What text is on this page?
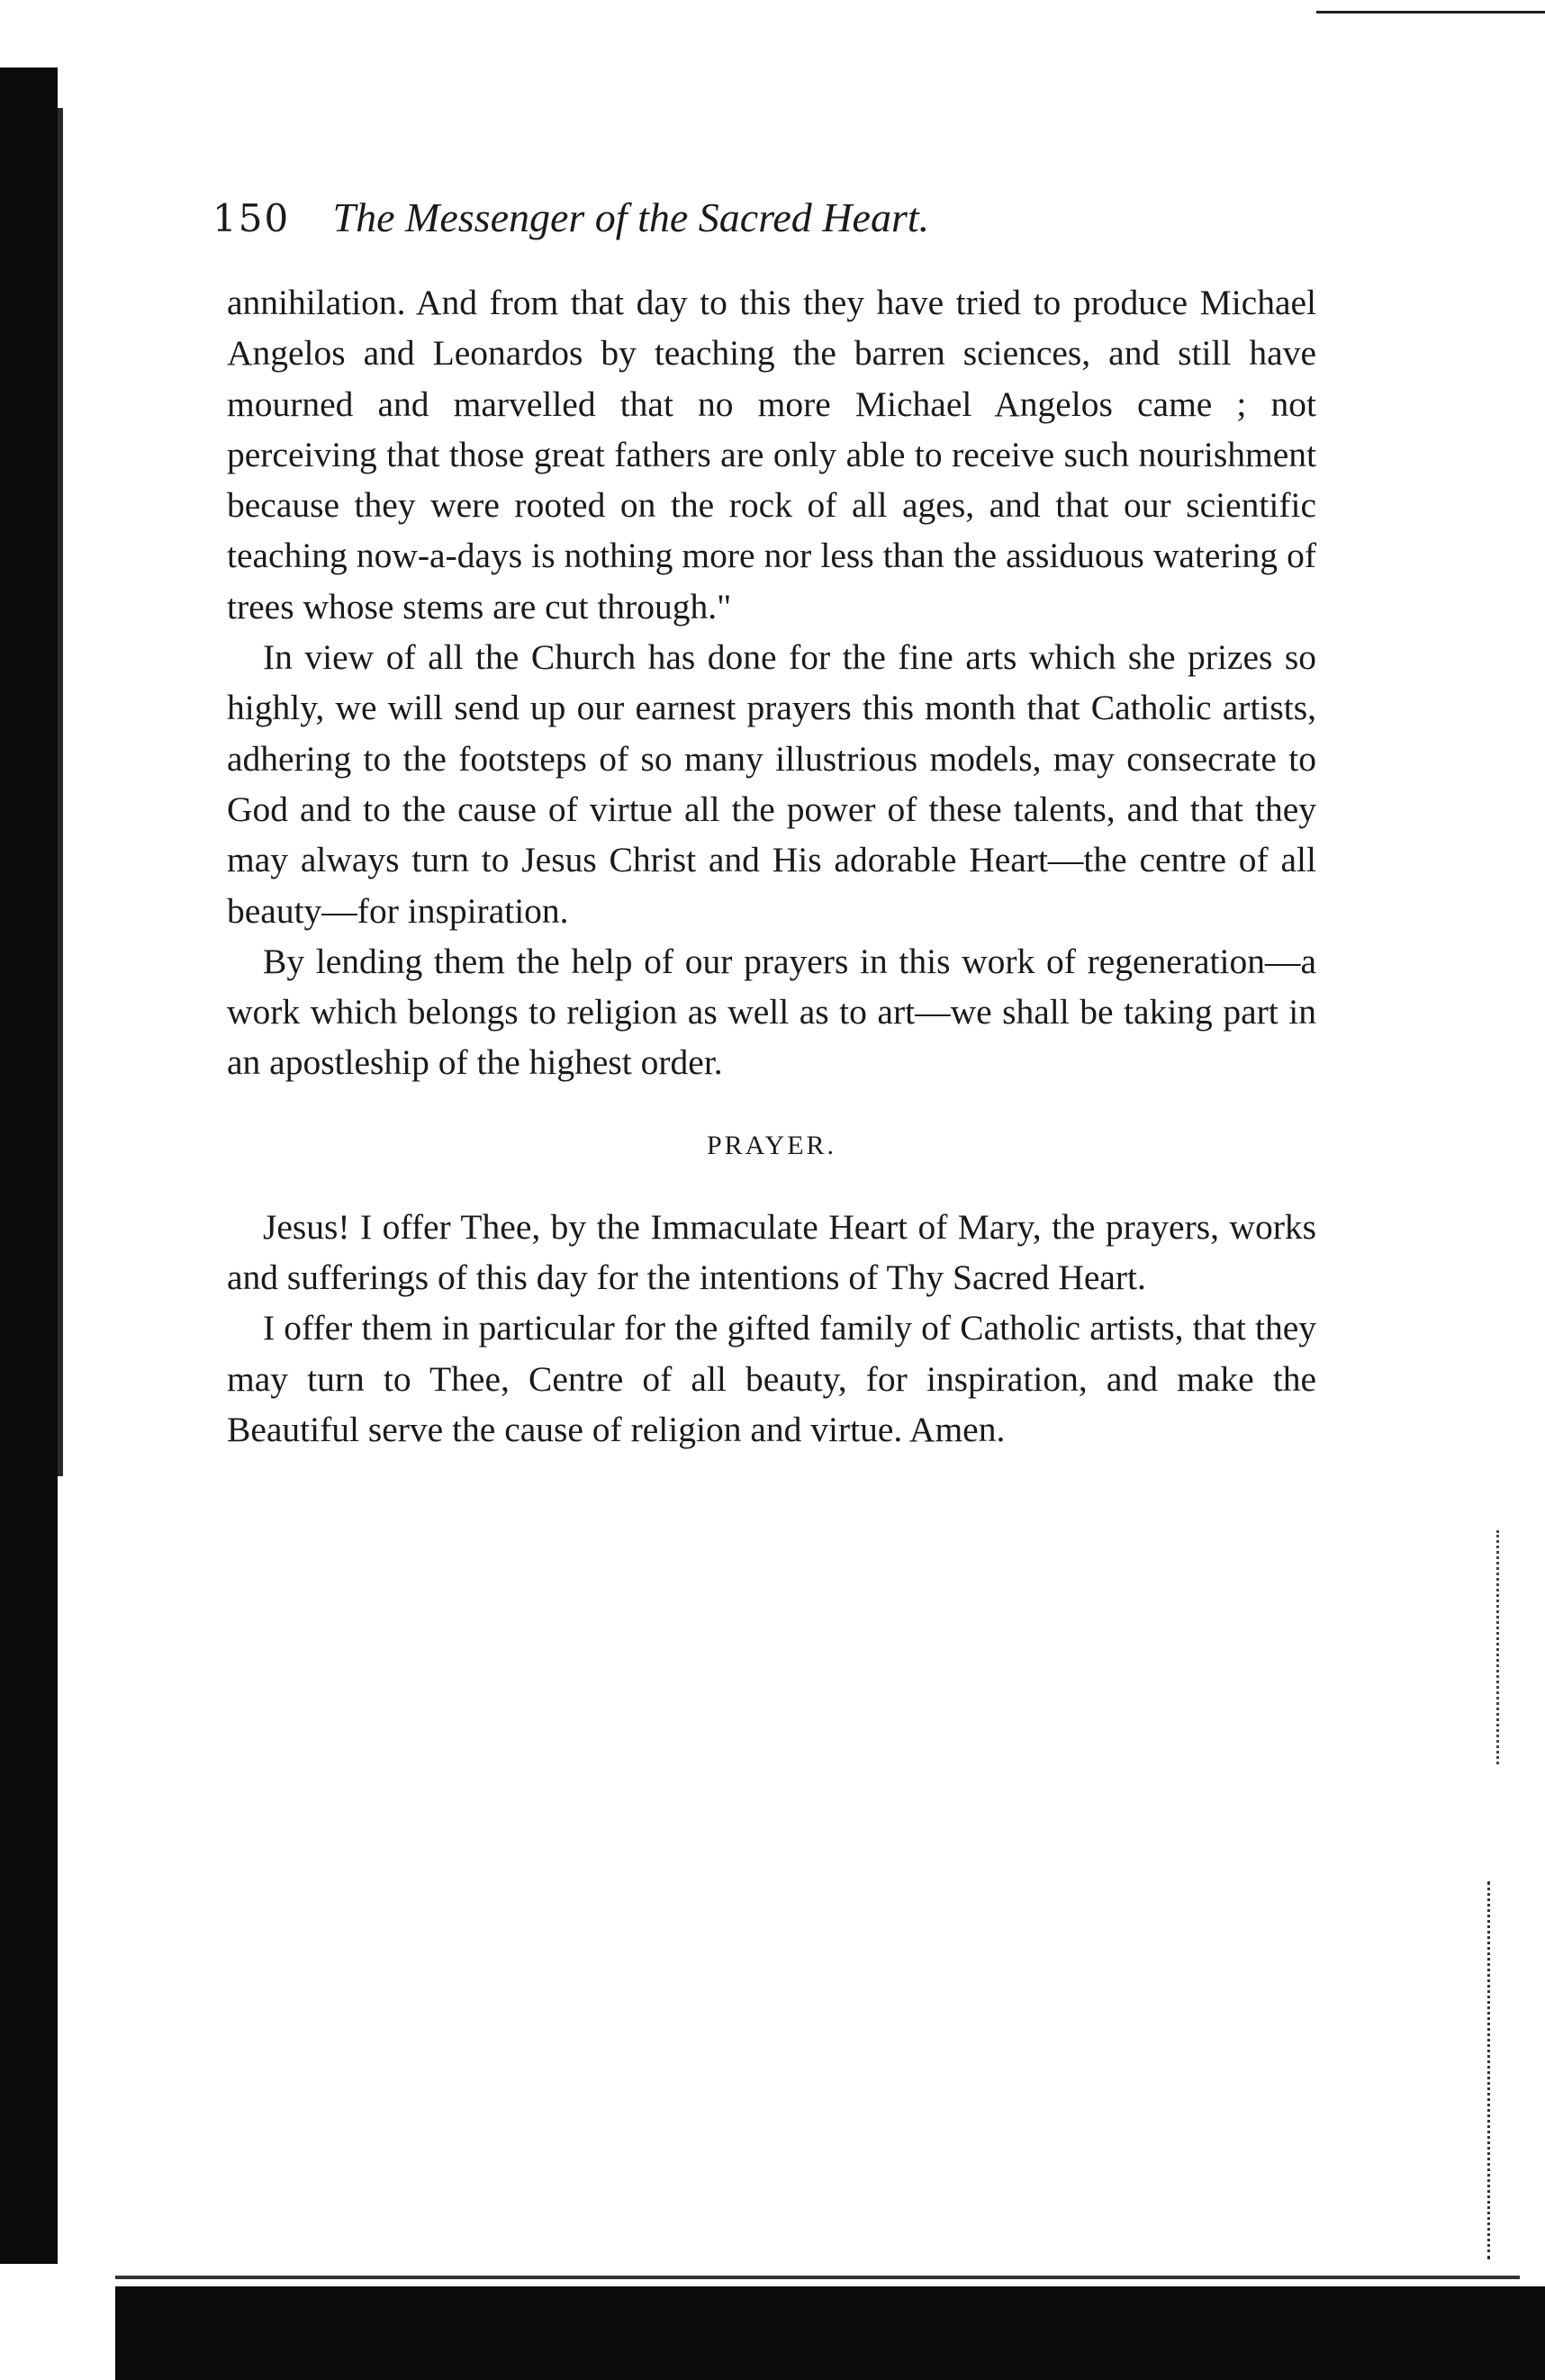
150 The Messenger of the Sacred Heart.

annihilation. And from that day to this they have tried to produce Michael Angelos and Leonardos by teaching the barren sciences, and still have mourned and marvelled that no more Michael Angelos came ; not perceiving that those great fathers are only able to receive such nourishment because they were rooted on the rock of all ages, and that our scientific teaching now-a-days is nothing more nor less than the assiduous watering of trees whose stems are cut through."

In view of all the Church has done for the fine arts which she prizes so highly, we will send up our earnest prayers this month that Catholic artists, adhering to the footsteps of so many illustrious models, may consecrate to God and to the cause of virtue all the power of these talents, and that they may always turn to Jesus Christ and His adorable Heart—the centre of all beauty—for inspiration.

By lending them the help of our prayers in this work of regeneration—a work which belongs to religion as well as to art—we shall be taking part in an apostleship of the highest order.

PRAYER.

Jesus! I offer Thee, by the Immaculate Heart of Mary, the prayers, works and sufferings of this day for the intentions of Thy Sacred Heart.

I offer them in particular for the gifted family of Catholic artists, that they may turn to Thee, Centre of all beauty, for inspiration, and make the Beautiful serve the cause of religion and virtue. Amen.
